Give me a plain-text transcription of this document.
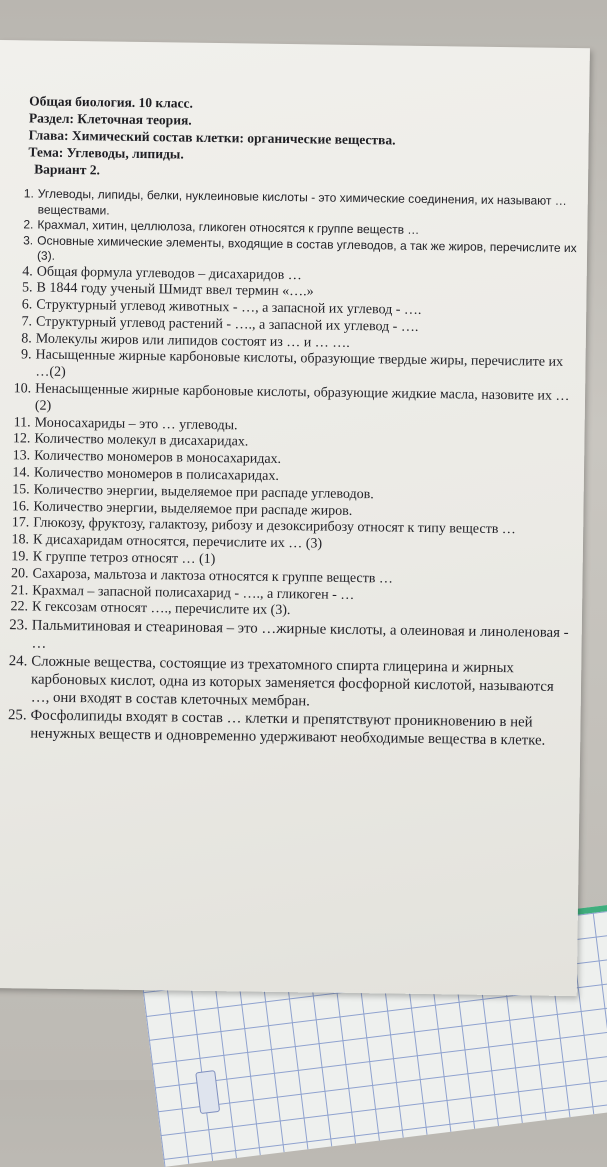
Общая биология. 10 класс.
Раздел: Клеточная теория.
Глава: Химический состав клетки: органические вещества.
Тема: Углеводы, липиды.
Вариант 2.
1. Углеводы, липиды, белки, нуклеиновые кислоты - это химические соединения, их называют … веществами.
2. Крахмал, хитин, целлюлоза, гликоген относятся к группе веществ …
3. Основные химические элементы, входящие в состав углеводов, а так же жиров, перечислите их (3).
4. Общая формула углеводов – дисахаридов …
5. В 1844 году ученый Шмидт ввел термин «….»
6. Структурный углевод животных - …, а запасной их углевод - ….
7. Структурный углевод растений - …., а запасной их углевод - ….
8. Молекулы жиров или липидов состоят из … и … ….
9. Насыщенные жирные карбоновые кислоты, образующие твердые жиры, перечислите их …(2)
10. Ненасыщенные жирные карбоновые кислоты, образующие жидкие масла, назовите их …(2)
11. Моносахариды – это … углеводы.
12. Количество молекул в дисахаридах.
13. Количество мономеров в моносахаридах.
14. Количество мономеров в полисахаридах.
15. Количество энергии, выделяемое при распаде углеводов.
16. Количество энергии, выделяемое при распаде жиров.
17. Глюкозу, фруктозу, галактозу, рибозу и дезоксирибозу относят к типу веществ …
18. К дисахаридам относятся, перечислите их … (3)
19. К группе тетроз относят … (1)
20. Сахароза, мальтоза и лактоза относятся к группе веществ …
21. Крахмал – запасной полисахарид - …., а гликоген - …
22. К гексозам относят …., перечислите их (3).
23. Пальмитиновая и стеариновая – это …жирные кислоты, а олеиновая и линоленовая - …
24. Сложные вещества, состоящие из трехатомного спирта глицерина и жирных карбоновых кислот, одна из которых заменяется фосфорной кислотой, называются …, они входят в состав клеточных мембран.
25. Фосфолипиды входят в состав … клетки и препятствуют проникновению в ней ненужных веществ и одновременно удерживают необходимые вещества в клетке.
